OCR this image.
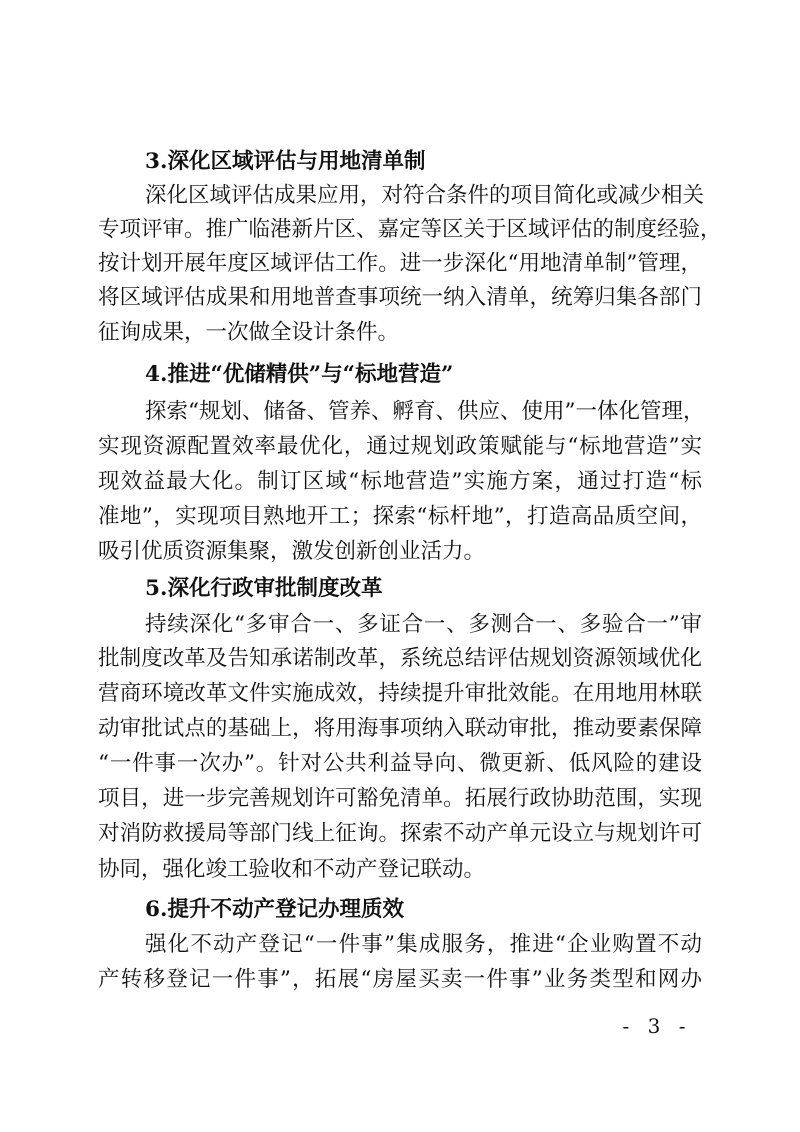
3.深化区域评估与用地清单制
深化区域评估成果应用，对符合条件的项目简化或减少相关
专项评审。推广临港新片区、嘉定等区关于区域评估的制度经验，
按计划开展年度区域评估工作。进一步深化“用地清单制”管理，
将区域评估成果和用地普查事项统一纳入清单，统筹归集各部门
征询成果，一次做全设计条件。
4.推进“优储精供”与“标地营造”
探索“规划、储备、管养、孵育、供应、使用”一体化管理，
实现资源配置效率最优化，通过规划政策赋能与“标地营造”实
现效益最大化。制订区域“标地营造”实施方案，通过打造“标
准地”，实现项目熟地开工；探索“标杆地”，打造高品质空间，
吸引优质资源集聚，激发创新创业活力。
5.深化行政审批制度改革
持续深化“多审合一、多证合一、多测合一、多验合一”审
批制度改革及告知承诺制改革，系统总结评估规划资源领域优化
营商环境改革文件实施成效，持续提升审批效能。在用地用林联
动审批试点的基础上，将用海事项纳入联动审批，推动要素保障
“一件事一次办”。针对公共利益导向、微更新、低风险的建设
项目，进一步完善规划许可豁免清单。拓展行政协助范围，实现
对消防救援局等部门线上征询。探索不动产单元设立与规划许可
协同，强化竣工验收和不动产登记联动。
6.提升不动产登记办理质效
强化不动产登记“一件事”集成服务，推进“企业购置不动
产转移登记一件事”，拓展“房屋买卖一件事”业务类型和网办
- 3 -
